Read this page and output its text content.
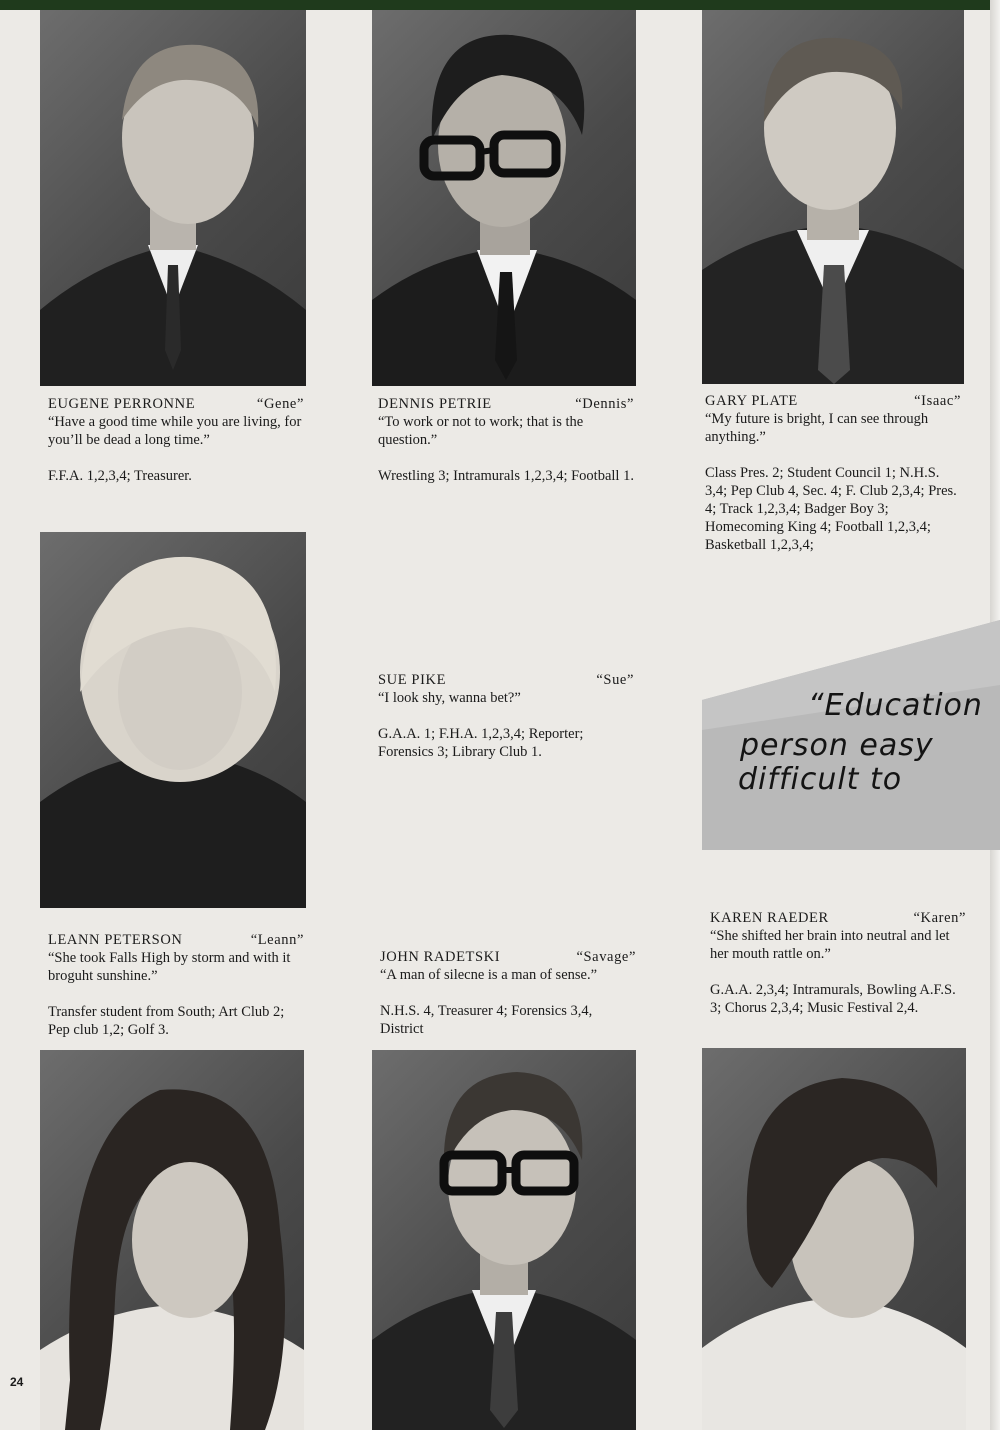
EUGENE PERRONNE	“Gene”

“Have a good time while you are living, for you’ll be dead a long time.”

F.F.A. 1,2,3,4; Treasurer.

DENNIS PETRIE	“Dennis”

“To work or not to work; that is the question.”

Wrestling 3; Intramurals 1,2,3,4; Football 1.

GARY PLATE	“Isaac”

“My future is bright, I can see through anything.”

Class Pres. 2; Student Council 1; N.H.S. 3,4; Pep Club 4, Sec. 4; F. Club 2,3,4; Pres. 4; Track 1,2,3,4; Badger Boy 3; Homecoming King 4; Football 1,2,3,4; Basketball 1,2,3,4;

SUE PIKE	“Sue”

“I look shy, wanna bet?”

G.A.A. 1; F.H.A. 1,2,3,4; Reporter; Forensics 3; Library Club 1.

LEANN PETERSON	“Leann”

“She took Falls High by storm and with it broguht sunshine.”

Transfer student from South; Art Club 2; Pep club 1,2; Golf 3.

JOHN RADETSKI	“Savage”

“A man of silecne is a man of sense.”

N.H.S. 4, Treasurer 4; Forensics 3,4, District

KAREN RAEDER	“Karen”

“She shifted her brain into neutral and let her mouth rattle on.”

G.A.A. 2,3,4; Intramurals, Bowling A.F.S. 3; Chorus 2,3,4; Music Festival 2,4.

“Education
person easy
difficult to
24
